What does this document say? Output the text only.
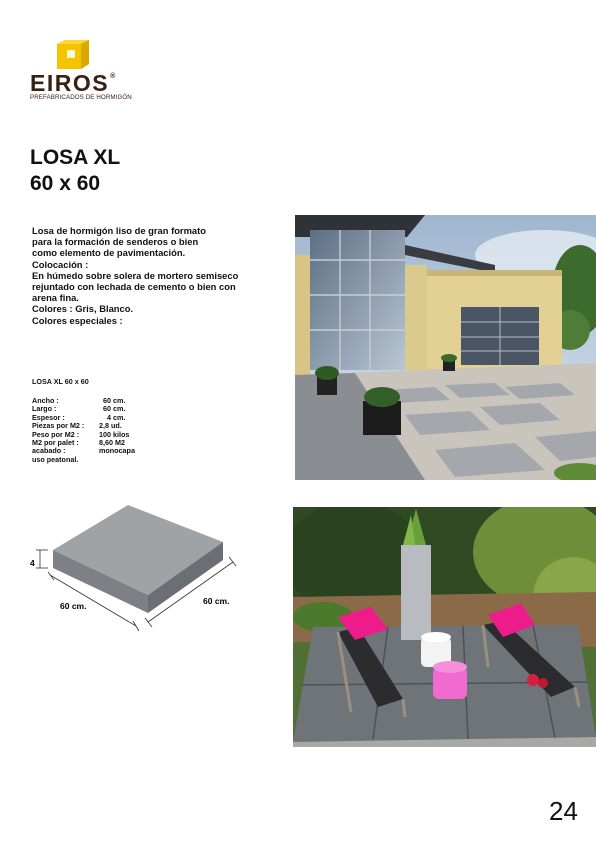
EIROS®
PREFABRICADOS DE HORMIGÓN
LOSA XL
60 x 60
Losa de hormigón liso de gran formato
para la formación de senderos o bien
como elemento de pavimentación.
Colocación :
En húmedo sobre solera de mortero semiseco
rejuntado con lechada de cemento o bien con
arena fina.
Colores : Gris, Blanco.
Colores especiales :
LOSA XL 60 x 60
Ancho :	60 cm.
Largo :	60 cm.
Espesor :	4 cm.
Piezas por M2 :	2,8 ud.
Peso por M2 :	100 kilos
M2 por palet :	8,60 M2
acabado :	monocapa
uso peatonal.	
4
60 cm.	60 cm.
24
